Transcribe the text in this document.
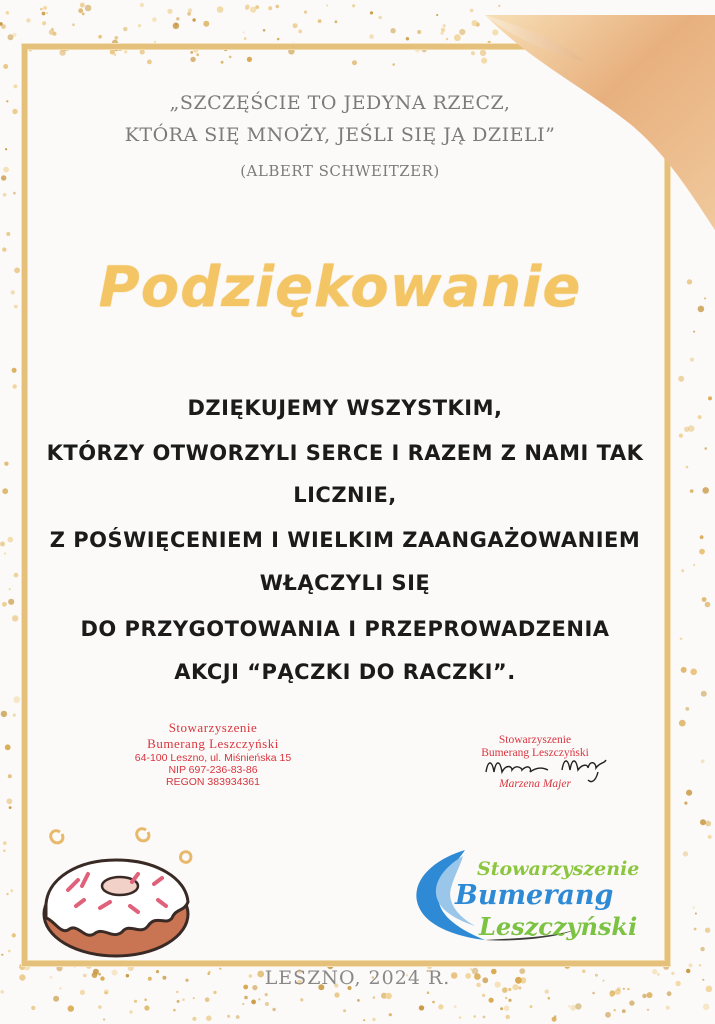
„SZCZĘŚCIE TO JEDYNA RZECZ,
KTÓRA SIĘ MNOŻY, JEŚLI SIĘ JĄ DZIELI”
(ALBERT SCHWEITZER)
Podziękowanie
DZIĘKUJEMY WSZYSTKIM,
KTÓRZY OTWORZYLI SERCE I RAZEM Z NAMI TAK
LICZNIE,
Z POŚWIĘCENIEM I WIELKIM ZAANGAŻOWANIEM
WŁĄCZYLI SIĘ
DO PRZYGOTOWANIA I PRZEPROWADZENIA
AKCJI “PĄCZKI DO RACZKI”.
Stowarzyszenie
Bumerang Leszczyński
64-100 Leszno, ul. Miśnieńska 15
NIP 697-236-83-86
REGON 383934361
Stowarzyszenie
Bumerang Leszczyński
Marzena Majer
Stowarzyszenie
Bumerang
Leszczyński
LESZNO, 2024 R.
